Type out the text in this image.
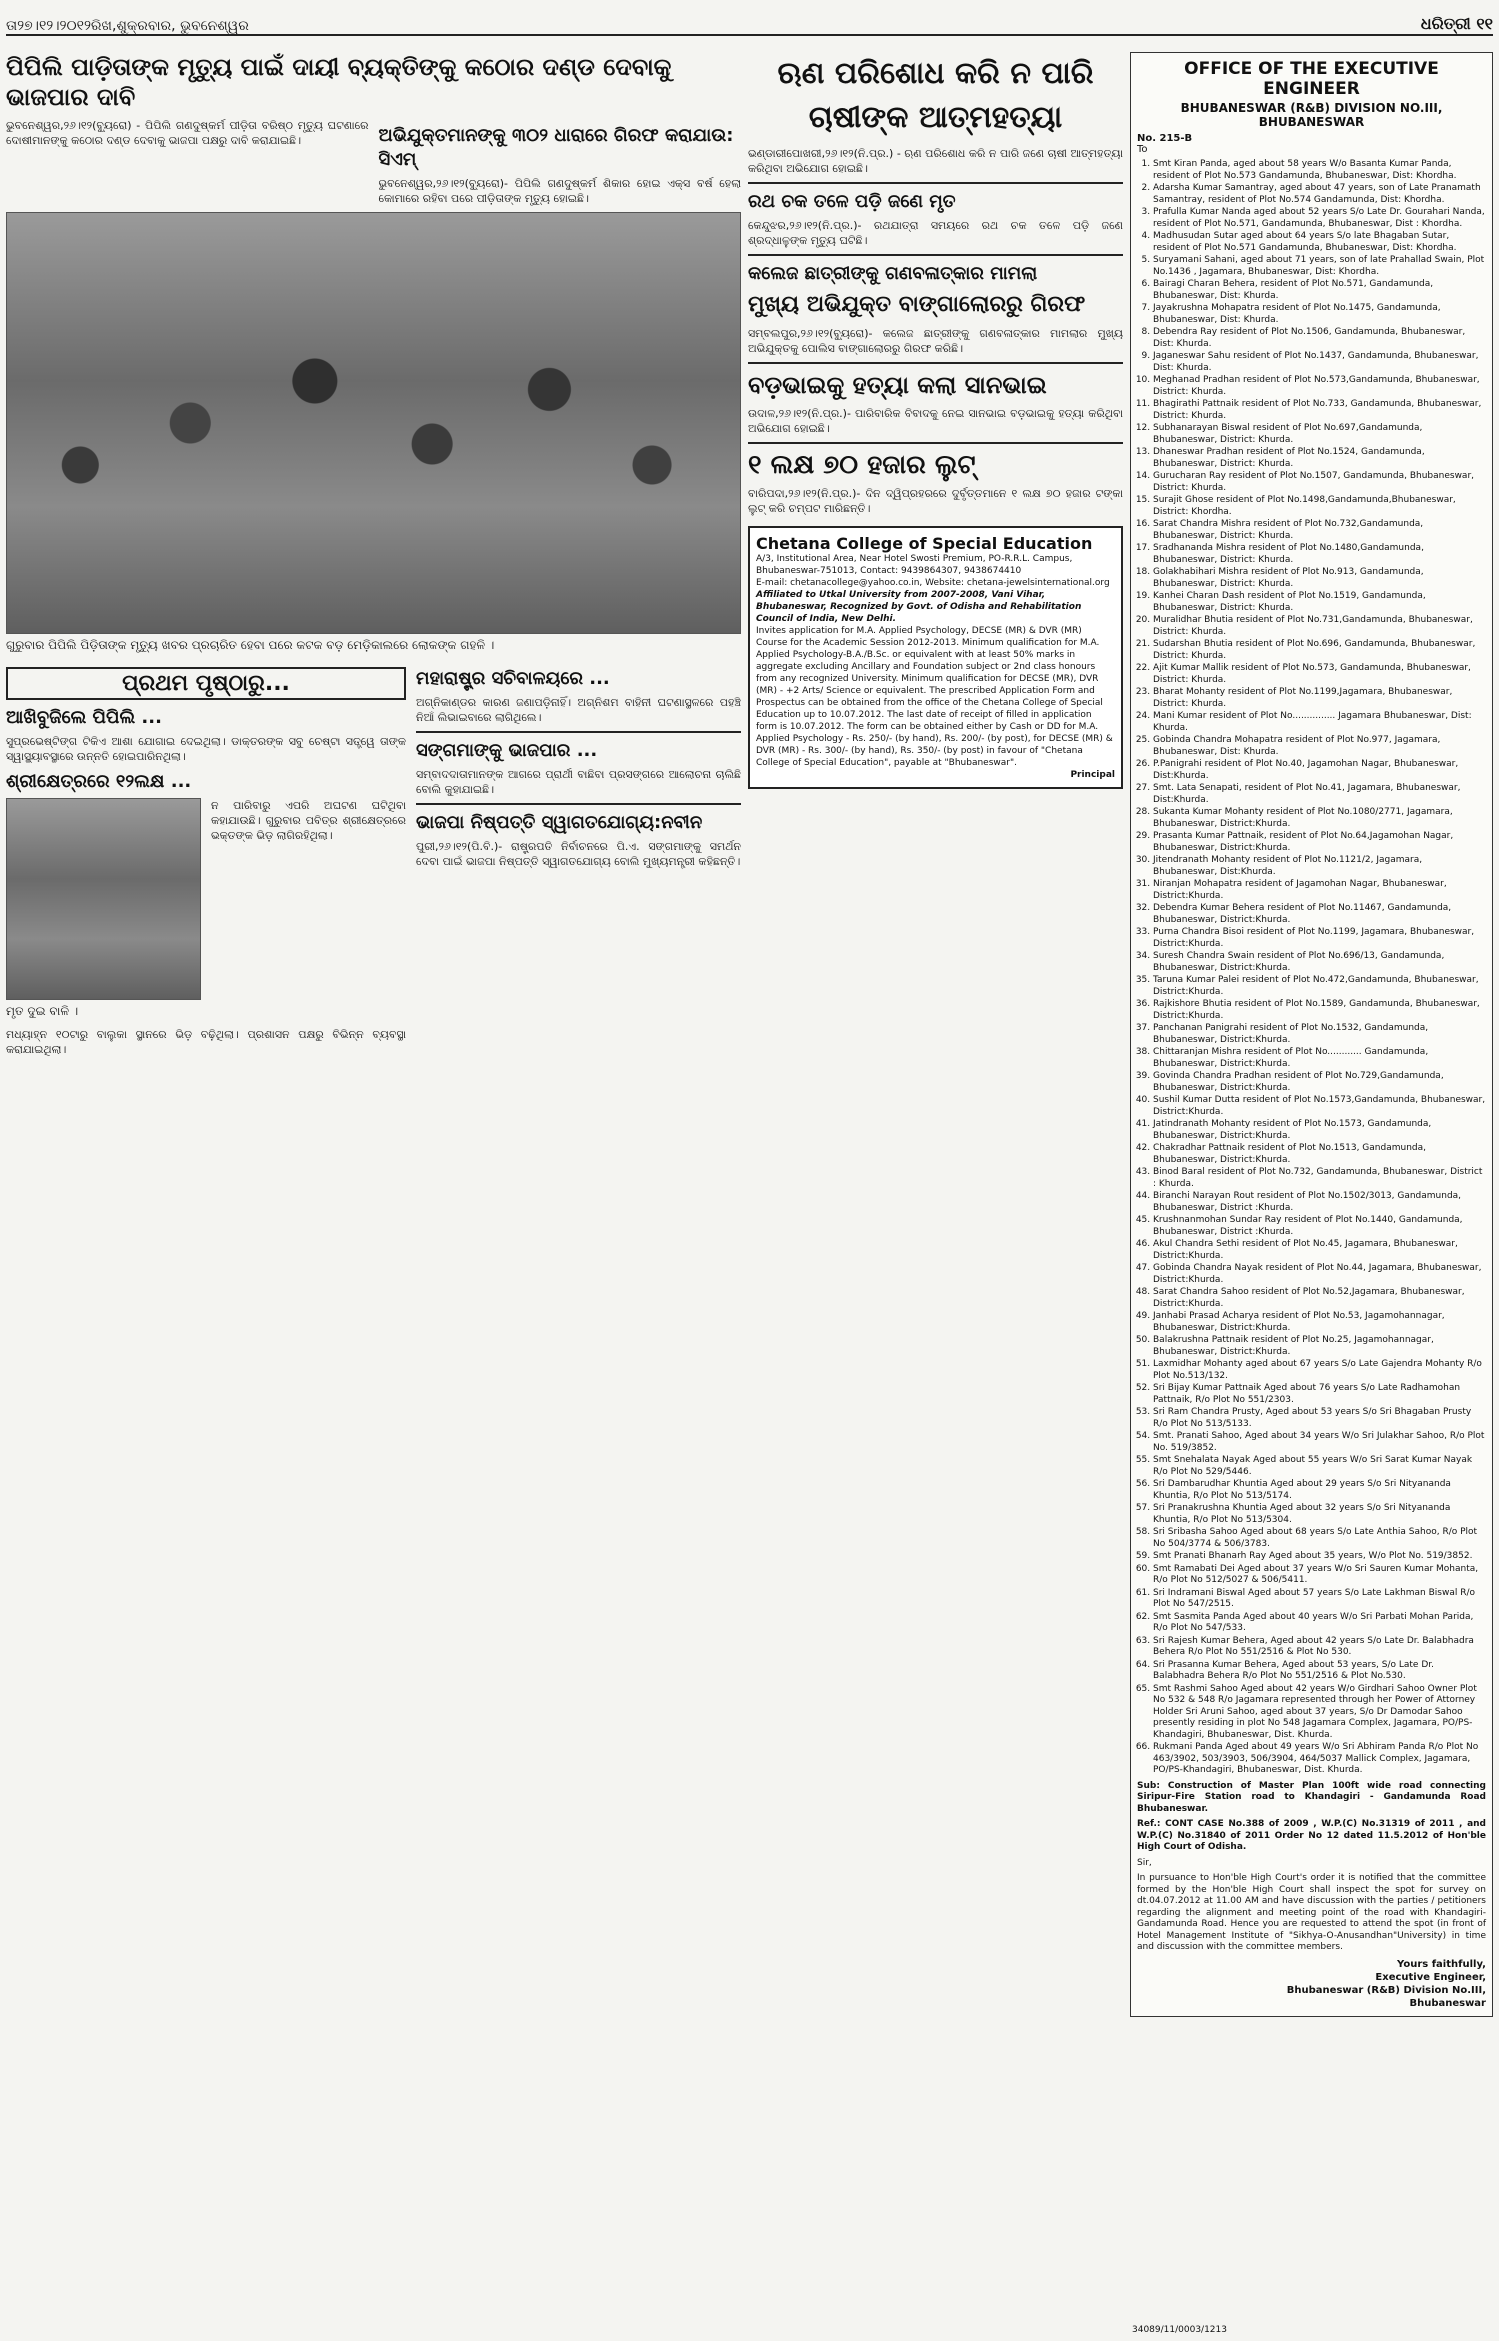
ତା୨୭।୧୨।୨୦୧୨ରିଖ,ଶୁକ୍ରବାର, ଭୁବନେଶ୍ୱର	ଧରିତ୍ରୀ ୧୧
ପିପିଲି ପାଡ଼ିତାଙ୍କ ମୃତ୍ୟୁ ପାଇଁ ଦାୟୀ ବ୍ୟକ୍ତିଙ୍କୁ କଠୋର ଦଣ୍ଡ ଦେବାକୁ ଭାଜପାର ଦାବି

ଭୁବନେଶ୍ୱର,୨୬।୧୨(ବ୍ୟୁରୋ) - ପିପିଲି ଗଣଦୁଷ୍କର୍ମ ପୀଡ଼ିତା ବରିଷ୍ଠ ମୃତ୍ୟୁ ଘଟଣାରେ ଦୋଷୀମାନଙ୍କୁ କଠୋର ଦଣ୍ଡ ଦେବାକୁ ଭାଜପା ପକ୍ଷରୁ ଦାବି କରାଯାଇଛି।	ଅଭିଯୁକ୍ତମାନଙ୍କୁ ୩୦୨ ଧାରାରେ ଗିରଫ କରାଯାଉ: ସିଏମ୍

ଭୁବନେଶ୍ୱର,୨୬।୧୨(ବ୍ୟୁରୋ)- ପିପିଲି ଗଣଦୁଷ୍କର୍ମ ଶିକାର ହୋଇ ଏକ୍ସ ବର୍ଷ ହେଲା କୋମାରେ ରହିବା ପରେ ପୀଡ଼ିତାଙ୍କ ମୃତ୍ୟୁ ହୋଇଛି।

ଗୁରୁବାର ପିପିଲି ପିଡ଼ିତାଙ୍କ ମୃତ୍ୟୁ ଖବର ପ୍ରଚାରିତ ହେବା ପରେ କଟକ ବଡ଼ ମେଡ଼ିକାଲରେ ଲୋକଙ୍କ ଗହଳି ।
ପ୍ରଥମ ପୃଷ୍ଠାରୁ...
ଆଖିବୁଜିଲେ ପିପିଲି ...

ସୁପ୍ରଭେଷ୍ଟିଙ୍ଗ ଟିକିଏ ଆଶା ଯୋଗାଇ ଦେଇଥିଲା। ଡାକ୍ତରଙ୍କ ସବୁ ଚେଷ୍ଟା ସତ୍ତ୍ୱେ ତାଙ୍କ ସ୍ୱାସ୍ଥ୍ୟାବସ୍ଥାରେ ଉନ୍ନତି ହୋଇପାରିନଥିଲା।

ଶ୍ରୀକ୍ଷେତ୍ରରେ ୧୨ଲକ୍ଷ ...
ମୃତ ଦୁଇ ବାଳି ।

ନ ପାରିବାରୁ ଏପରି ଅଘଟଣ ଘଟିଥିବା କହାଯାଉଛି। ଗୁରୁବାର ପବିତ୍ର ଶ୍ରୀକ୍ଷେତ୍ରରେ ଭକ୍ତଙ୍କ ଭିଡ଼ ଲାଗିରହିଥିଲା।

ମଧ୍ୟାହ୍ନ ୧୦ଟାରୁ ବାଲୁକା ସ୍ଥାନରେ ଭିଡ଼ ବଢ଼ିଥିଲା। ପ୍ରଶାସନ ପକ୍ଷରୁ ବିଭିନ୍ନ ବ୍ୟବସ୍ଥା କରାଯାଇଥିଲା।

ମହାରାଷ୍ଟ୍ର ସଚିବାଳୟରେ ...

ଅଗ୍ନିକାଣ୍ଡର କାରଣ ଜଣାପଡ଼ିନାହିଁ। ଅଗ୍ନିଶମ ବାହିନୀ ଘଟଣାସ୍ଥଳରେ ପହଞ୍ଚି ନିଆଁ ଲିଭାଇବାରେ ଲାଗିଥିଲେ।

ସଙ୍ଗମାଙ୍କୁ ଭାଜପାର ...

ସମ୍ବାଦଦାତାମାନଙ୍କ ଆଗରେ ପ୍ରାର୍ଥୀ ବାଛିବା ପ୍ରସଙ୍ଗରେ ଆଲୋଚନା ଚାଲିଛି ବୋଲି କୁହାଯାଇଛି।

ଭାଜପା ନିଷ୍ପତ୍ତି ସ୍ୱାଗତଯୋଗ୍ୟ:ନବୀନ

ପୁରୀ,୨୬।୧୨(ପି.ବି.)- ରାଷ୍ଟ୍ରପତି ନିର୍ବାଚନରେ ପି.ଏ. ସଙ୍ଗମାଙ୍କୁ ସମର୍ଥନ ଦେବା ପାଇଁ ଭାଜପା ନିଷ୍ପତ୍ତି ସ୍ୱାଗତଯୋଗ୍ୟ ବୋଲି ମୁଖ୍ୟମନ୍ତ୍ରୀ କହିଛନ୍ତି।

ଋଣ ପରିଶୋଧ କରି ନ ପାରି ଚାଷୀଙ୍କ ଆତ୍ମହତ୍ୟା

ଭଣ୍ଡାରୀପୋଖରୀ,୨୬।୧୨(ନି.ପ୍ର.) - ଋଣ ପରିଶୋଧ କରି ନ ପାରି ଜଣେ ଚାଷୀ ଆତ୍ମହତ୍ୟା କରିଥିବା ଅଭିଯୋଗ ହୋଇଛି।

ରଥ ଚକ ତଳେ ପଡ଼ି ଜଣେ ମୃତ

କେନ୍ଦୁଝର,୨୬।୧୨(ନି.ପ୍ର.)- ରଥଯାତ୍ରା ସମୟରେ ରଥ ଚକ ତଳେ ପଡ଼ି ଜଣେ ଶ୍ରଦ୍ଧାଳୁଙ୍କ ମୃତ୍ୟୁ ଘଟିଛି।

କଲେଜ ଛାତ୍ରୀଙ୍କୁ ଗଣବଳାତ୍କାର ମାମଲା
ମୁଖ୍ୟ ଅଭିଯୁକ୍ତ ବାଙ୍ଗାଲୋରରୁ ଗିରଫ

ସମ୍ବଲପୁର,୨୬।୧୨(ବ୍ୟୁରୋ)- କଲେଜ ଛାତ୍ରୀଙ୍କୁ ଗଣବଳାତ୍କାର ମାମଲାର ମୁଖ୍ୟ ଅଭିଯୁକ୍ତକୁ ପୋଲିସ ବାଙ୍ଗାଲୋରରୁ ଗିରଫ କରିଛି।

ବଡ଼ଭାଇକୁ ହତ୍ୟା କଲା ସାନଭାଇ

ଉଦାଳ,୨୬।୧୨(ନି.ପ୍ର.)- ପାରିବାରିକ ବିବାଦକୁ ନେଇ ସାନଭାଇ ବଡ଼ଭାଇକୁ ହତ୍ୟା କରିଥିବା ଅଭିଯୋଗ ହୋଇଛି।

୧ ଲକ୍ଷ ୭୦ ହଜାର ଲୁଟ୍

ବାରିପଦା,୨୬।୧୨(ନି.ପ୍ର.)- ଦିନ ଦ୍ୱିପ୍ରହରରେ ଦୁର୍ବୃତ୍ତମାନେ ୧ ଲକ୍ଷ ୭୦ ହଜାର ଟଙ୍କା ଲୁଟ୍ କରି ଚମ୍ପଟ ମାରିଛନ୍ତି।

Chetana College of Special Education
A/3, Institutional Area, Near Hotel Swosti Premium, PO-R.R.L. Campus, Bhubaneswar-751013, Contact: 9439864307, 9438674410
E-mail: chetanacollege@yahoo.co.in, Website: chetana-jewelsinternational.org
Affiliated to Utkal University from 2007-2008, Vani Vihar, Bhubaneswar, Recognized by Govt. of Odisha and Rehabilitation Council of India, New Delhi.
Invites application for M.A. Applied Psychology, DECSE (MR) & DVR (MR) Course for the Academic Session 2012-2013. Minimum qualification for M.A. Applied Psychology-B.A./B.Sc. or equivalent with at least 50% marks in aggregate excluding Ancillary and Foundation subject or 2nd class honours from any recognized University. Minimum qualification for DECSE (MR), DVR (MR) - +2 Arts/ Science or equivalent. The prescribed Application Form and Prospectus can be obtained from the office of the Chetana College of Special Education up to 10.07.2012. The last date of receipt of filled in application form is 10.07.2012. The form can be obtained either by Cash or DD for M.A. Applied Psychology - Rs. 250/- (by hand), Rs. 200/- (by post), for DECSE (MR) & DVR (MR) - Rs. 300/- (by hand), Rs. 350/- (by post) in favour of "Chetana College of Special Education", payable at "Bhubaneswar".
Principal
OFFICE OF THE EXECUTIVE ENGINEER
BHUBANESWAR (R&B) DIVISION NO.III, BHUBANESWAR
No. 215-B
To
1. Smt Kiran Panda, aged about 58 years W/o Basanta Kumar Panda, resident of Plot No.573 Gandamunda, Bhubaneswar, Dist: Khordha.
2. Adarsha Kumar Samantray, aged about 47 years, son of Late Pranamath Samantray, resident of Plot No.574 Gandamunda, Dist: Khordha.
3. Prafulla Kumar Nanda aged about 52 years S/o Late Dr. Gourahari Nanda, resident of Plot No.571, Gandamunda, Bhubaneswar, Dist : Khordha.
4. Madhusudan Sutar aged about 64 years S/o late Bhagaban Sutar, resident of Plot No.571 Gandamunda, Bhubaneswar, Dist: Khordha.
5. Suryamani Sahani, aged about 71 years, son of late Prahallad Swain, Plot No.1436 , Jagamara, Bhubaneswar, Dist: Khordha.
6. Bairagi Charan Behera, resident of Plot No.571, Gandamunda, Bhubaneswar, Dist: Khurda.
7. Jayakrushna Mohapatra resident of Plot No.1475, Gandamunda, Bhubaneswar, Dist: Khurda.
8. Debendra Ray resident of Plot No.1506, Gandamunda, Bhubaneswar, Dist: Khurda.
9. Jaganeswar Sahu resident of Plot No.1437, Gandamunda, Bhubaneswar, Dist: Khurda.
10. Meghanad Pradhan resident of Plot No.573,Gandamunda, Bhubaneswar, District: Khurda.
11. Bhagirathi Pattnaik resident of Plot No.733, Gandamunda, Bhubaneswar, District: Khurda.
12. Subhanarayan Biswal resident of Plot No.697,Gandamunda, Bhubaneswar, District: Khurda.
13. Dhaneswar Pradhan resident of Plot No.1524, Gandamunda, Bhubaneswar, District: Khurda.
14. Gurucharan Ray resident of Plot No.1507, Gandamunda, Bhubaneswar, District: Khurda.
15. Surajit Ghose resident of Plot No.1498,Gandamunda,Bhubaneswar, District: Khordha.
16. Sarat Chandra Mishra resident of Plot No.732,Gandamunda, Bhubaneswar, District: Khurda.
17. Sradhananda Mishra resident of Plot No.1480,Gandamunda, Bhubaneswar, District: Khurda.
18. Golakhabihari Mishra resident of Plot No.913, Gandamunda, Bhubaneswar, District: Khurda.
19. Kanhei Charan Dash resident of Plot No.1519, Gandamunda, Bhubaneswar, District: Khurda.
20. Muralidhar Bhutia resident of Plot No.731,Gandamunda, Bhubaneswar, District: Khurda.
21. Sudarshan Bhutia resident of Plot No.696, Gandamunda, Bhubaneswar, District: Khurda.
22. Ajit Kumar Mallik resident of Plot No.573, Gandamunda, Bhubaneswar, District: Khurda.
23. Bharat Mohanty resident of Plot No.1199,Jagamara, Bhubaneswar, District: Khurda.
24. Mani Kumar resident of Plot No............... Jagamara Bhubaneswar, Dist: Khurda.
25. Gobinda Chandra Mohapatra resident of Plot No.977, Jagamara, Bhubaneswar, Dist: Khurda.
26. P.Panigrahi resident of Plot No.40, Jagamohan Nagar, Bhubaneswar, Dist:Khurda.
27. Smt. Lata Senapati, resident of Plot No.41, Jagamara, Bhubaneswar, Dist:Khurda.
28. Sukanta Kumar Mohanty resident of Plot No.1080/2771, Jagamara, Bhubaneswar, District:Khurda.
29. Prasanta Kumar Pattnaik, resident of Plot No.64,Jagamohan Nagar, Bhubaneswar, District:Khurda.
30. Jitendranath Mohanty resident of Plot No.1121/2, Jagamara, Bhubaneswar, Dist:Khurda.
31. Niranjan Mohapatra resident of Jagamohan Nagar, Bhubaneswar, District:Khurda.
32. Debendra Kumar Behera resident of Plot No.11467, Gandamunda, Bhubaneswar, District:Khurda.
33. Purna Chandra Bisoi resident of Plot No.1199, Jagamara, Bhubaneswar, District:Khurda.
34. Suresh Chandra Swain resident of Plot No.696/13, Gandamunda, Bhubaneswar, District:Khurda.
35. Taruna Kumar Palei resident of Plot No.472,Gandamunda, Bhubaneswar, District:Khurda.
36. Rajkishore Bhutia resident of Plot No.1589, Gandamunda, Bhubaneswar, District:Khurda.
37. Panchanan Panigrahi resident of Plot No.1532, Gandamunda, Bhubaneswar, District:Khurda.
38. Chittaranjan Mishra resident of Plot No............ Gandamunda, Bhubaneswar, District:Khurda.
39. Govinda Chandra Pradhan resident of Plot No.729,Gandamunda, Bhubaneswar, District:Khurda.
40. Sushil Kumar Dutta resident of Plot No.1573,Gandamunda, Bhubaneswar, District:Khurda.
41. Jatindranath Mohanty resident of Plot No.1573, Gandamunda, Bhubaneswar, District:Khurda.
42. Chakradhar Pattnaik resident of Plot No.1513, Gandamunda, Bhubaneswar, District:Khurda.
43. Binod Baral resident of Plot No.732, Gandamunda, Bhubaneswar, District : Khurda.
44. Biranchi Narayan Rout resident of Plot No.1502/3013, Gandamunda, Bhubaneswar, District :Khurda.
45. Krushnanmohan Sundar Ray resident of Plot No.1440, Gandamunda, Bhubaneswar, District :Khurda.
46. Akul Chandra Sethi resident of Plot No.45, Jagamara, Bhubaneswar, District:Khurda.
47. Gobinda Chandra Nayak resident of Plot No.44, Jagamara, Bhubaneswar, District:Khurda.
48. Sarat Chandra Sahoo resident of Plot No.52,Jagamara, Bhubaneswar, District:Khurda.
49. Janhabi Prasad Acharya resident of Plot No.53, Jagamohannagar, Bhubaneswar, District:Khurda.
50. Balakrushna Pattnaik resident of Plot No.25, Jagamohannagar, Bhubaneswar, District:Khurda.
51. Laxmidhar Mohanty aged about 67 years S/o Late Gajendra Mohanty R/o Plot No.513/132.
52. Sri Bijay Kumar Pattnaik Aged about 76 years S/o Late Radhamohan Pattnaik, R/o Plot No 551/2303.
53. Sri Ram Chandra Prusty, Aged about 53 years S/o Sri Bhagaban Prusty R/o Plot No 513/5133.
54. Smt. Pranati Sahoo, Aged about 34 years W/o Sri Julakhar Sahoo, R/o Plot No. 519/3852.
55. Smt Snehalata Nayak Aged about 55 years W/o Sri Sarat Kumar Nayak R/o Plot No 529/5446.
56. Sri Dambarudhar Khuntia Aged about 29 years S/o Sri Nityananda Khuntia, R/o Plot No 513/5174.
57. Sri Pranakrushna Khuntia Aged about 32 years S/o Sri Nityananda Khuntia, R/o Plot No 513/5304.
58. Sri Sribasha Sahoo Aged about 68 years S/o Late Anthia Sahoo, R/o Plot No 504/3774 & 506/3783.
59. Smt Pranati Bhanarh Ray Aged about 35 years, W/o Plot No. 519/3852.
60. Smt Ramabati Dei Aged about 37 years W/o Sri Sauren Kumar Mohanta, R/o Plot No 512/5027 & 506/5411.
61. Sri Indramani Biswal Aged about 57 years S/o Late Lakhman Biswal R/o Plot No 547/2515.
62. Smt Sasmita Panda Aged about 40 years W/o Sri Parbati Mohan Parida, R/o Plot No 547/533.
63. Sri Rajesh Kumar Behera, Aged about 42 years S/o Late Dr. Balabhadra Behera R/o Plot No 551/2516 & Plot No 530.
64. Sri Prasanna Kumar Behera, Aged about 53 years, S/o Late Dr. Balabhadra Behera R/o Plot No 551/2516 & Plot No.530.
65. Smt Rashmi Sahoo Aged about 42 years W/o Girdhari Sahoo Owner Plot No 532 & 548 R/o Jagamara represented through her Power of Attorney Holder Sri Aruni Sahoo, aged about 37 years, S/o Dr Damodar Sahoo presently residing in plot No 548 Jagamara Complex, Jagamara, PO/PS-Khandagiri, Bhubaneswar, Dist. Khurda.
66. Rukmani Panda Aged about 49 years W/o Sri Abhiram Panda R/o Plot No 463/3902, 503/3903, 506/3904, 464/5037 Mallick Complex, Jagamara, PO/PS-Khandagiri, Bhubaneswar, Dist. Khurda.

Sub: Construction of Master Plan 100ft wide road connecting Siripur-Fire Station road to Khandagiri - Gandamunda Road Bhubaneswar.

Ref.: CONT CASE No.388 of 2009 , W.P.(C) No.31319 of 2011 , and W.P.(C) No.31840 of 2011 Order No 12 dated 11.5.2012 of Hon'ble High Court of Odisha.

Sir,

In pursuance to Hon'ble High Court's order it is notified that the committee formed by the Hon'ble High Court shall inspect the spot for survey on dt.04.07.2012 at 11.00 AM and have discussion with the parties / petitioners regarding the alignment and meeting point of the road with Khandagiri- Gandamunda Road. Hence you are requested to attend the spot (in front of Hotel Management Institute of "Sikhya-O-Anusandhan"University) in time and discussion with the committee members.

Yours faithfully,
Executive Engineer,
Bhubaneswar (R&B) Division No.III,
Bhubaneswar
34089/11/0003/1213
